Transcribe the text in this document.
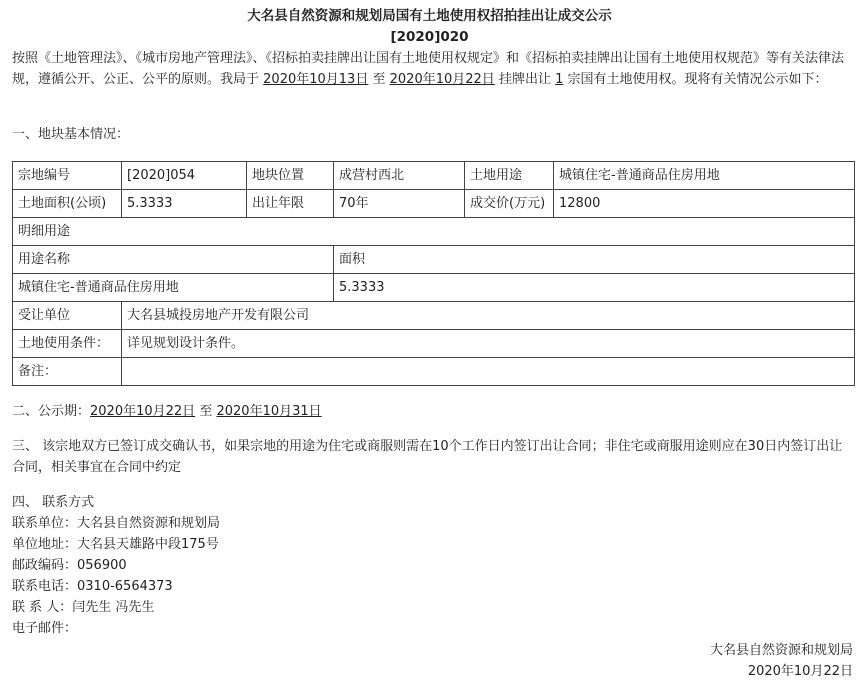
大名县自然资源和规划局国有土地使用权招拍挂出让成交公示
[2020]020
按照《土地管理法》、《城市房地产管理法》、《招标拍卖挂牌出让国有土地使用权规定》和《招标拍卖挂牌出让国有土地使用权规范》等有关法律法规，遵循公开、公正、公平的原则。我局于 2020年10月13日 至 2020年10月22日 挂牌出让 1 宗国有土地使用权。现将有关情况公示如下：
一、地块基本情况：
宗地编号	[2020]054	地块位置	成营村西北	土地用途	城镇住宅-普通商品住房用地
土地面积(公顷)	5.3333	出让年限	70年	成交价(万元)	12800
明细用途					
用途名称			面积		
城镇住宅-普通商品住房用地			5.3333		
受让单位	大名县城投房地产开发有限公司				
土地使用条件：	详见规划设计条件。				
备注：					
二、公示期：2020年10月22日 至 2020年10月31日
三、 该宗地双方已签订成交确认书，如果宗地的用途为住宅或商服则需在10个工作日内签订出让合同；非住宅或商服用途则应在30日内签订出让合同，相关事宜在合同中约定
四、 联系方式
联系单位：大名县自然资源和规划局
单位地址：大名县天雄路中段175号
邮政编码：056900
联系电话：0310-6564373
联 系 人：闫先生 冯先生
电子邮件：
大名县自然资源和规划局
2020年10月22日
